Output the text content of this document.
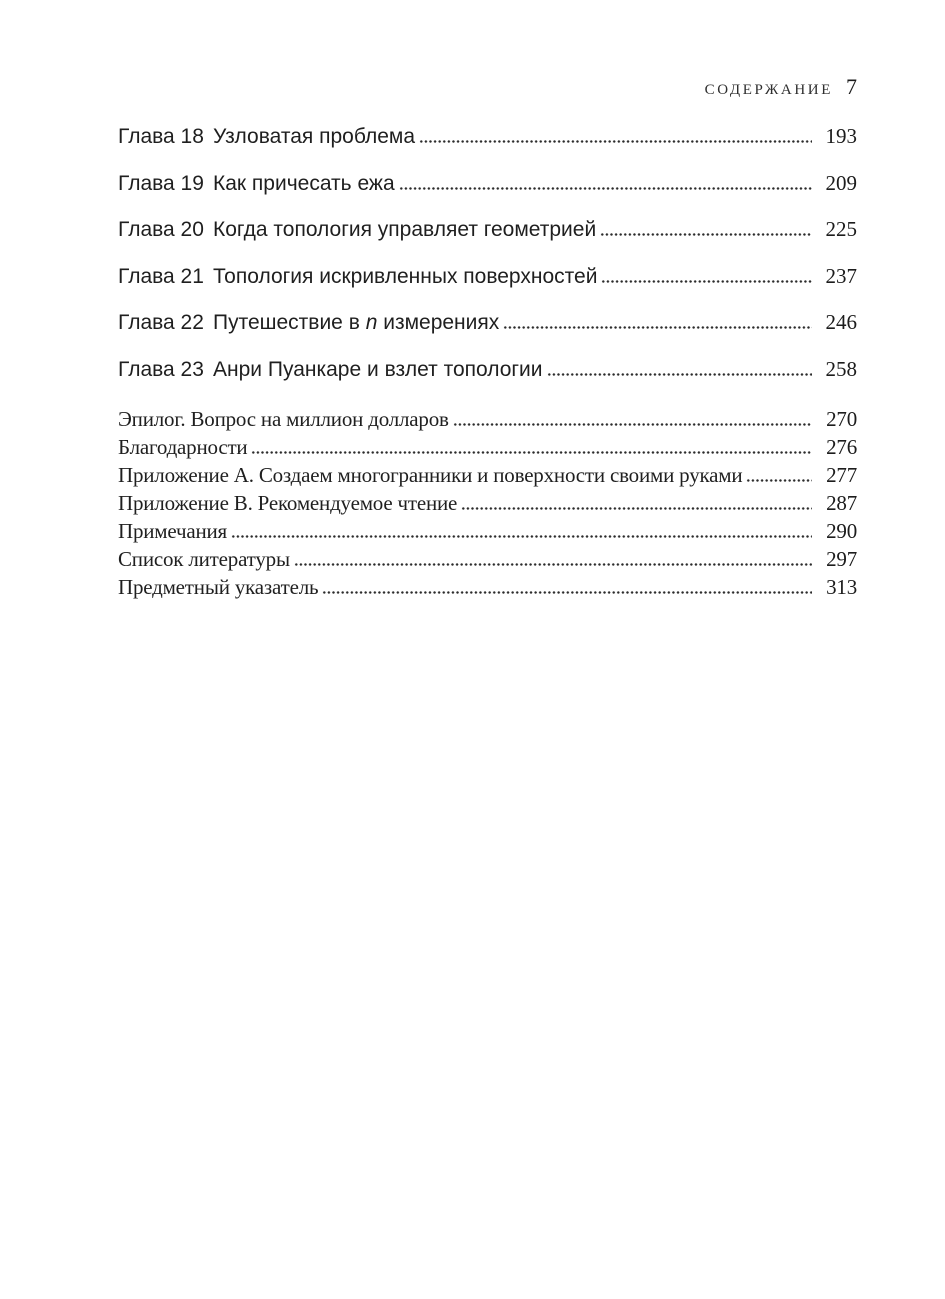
СОДЕРЖАНИЕ 7
Глава 18 Узловатая проблема	193
Глава 19 Как причесать ежа	209
Глава 20 Когда топология управляет геометрией	225
Глава 21 Топология искривленных поверхностей	237
Глава 22 Путешествие в n измерениях	246
Глава 23 Анри Пуанкаре и взлет топологии	258
Эпилог. Вопрос на миллион долларов	270
Благодарности	276
Приложение A. Создаем многогранники и поверхности своими руками	277
Приложение B. Рекомендуемое чтение	287
Примечания	290
Список литературы	297
Предметный указатель	313
